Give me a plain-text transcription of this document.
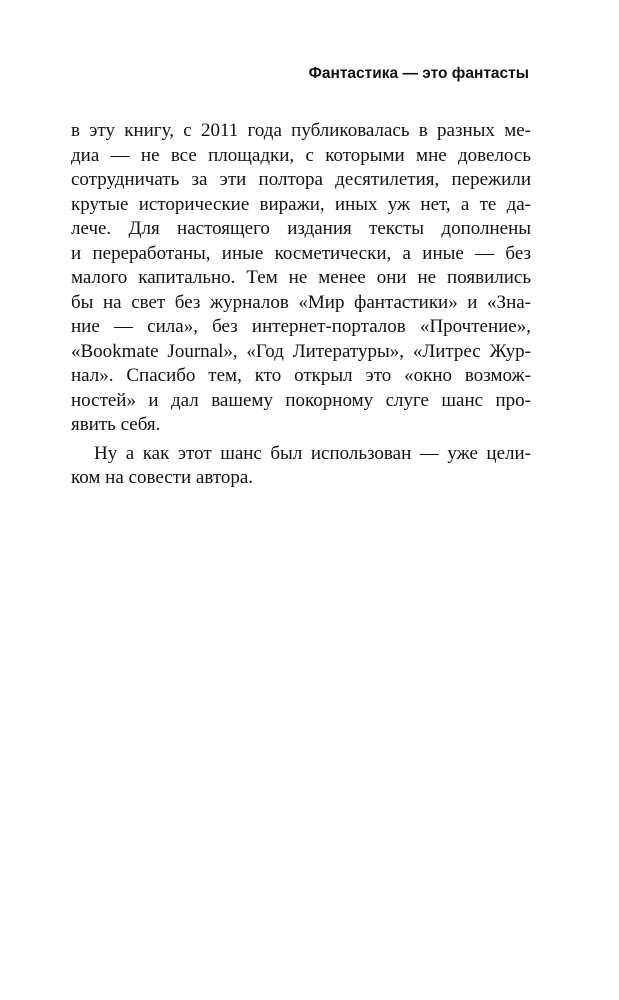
Фантастика — это фантасты
в эту книгу, с 2011 года публиковалась в разных ме-
диа — не все площадки, с которыми мне довелось
сотрудничать за эти полтора десятилетия, пережили
крутые исторические виражи, иных уж нет, а те да-
лече. Для настоящего издания тексты дополнены
и переработаны, иные косметически, а иные — без
малого капитально. Тем не менее они не появились
бы на свет без журналов «Мир фантастики» и «Зна-
ние — сила», без интернет-порталов «Прочтение»,
«Bookmate Journal», «Год Литературы», «Литрес Жур-
нал». Спасибо тем, кто открыл это «окно возмож-
ностей» и дал вашему покорному слуге шанс про-
явить себя.
Ну а как этот шанс был использован — уже цели-
ком на совести автора.
